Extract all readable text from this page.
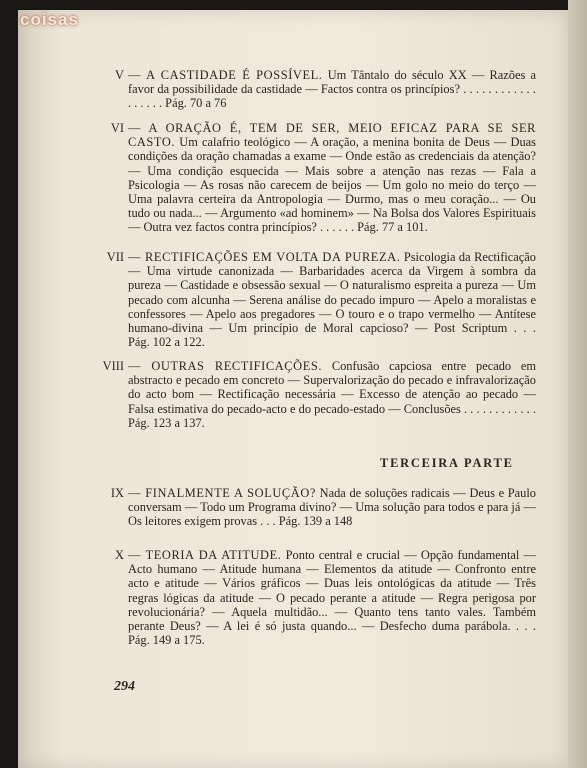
coisas
V — A CASTIDADE É POSSÍVEL. Um Tântalo do século XX — Razões a favor da possibilidade da castidade — Factos contra os princípios? . . . . . . . . . . . . . . . . . . Pág. 70 a 76
VI — A ORAÇÃO É, TEM DE SER, MEIO EFICAZ PARA SE SER CASTO. Um calafrio teológico — A oração, a menina bonita de Deus — Duas condições da oração chamadas a exame — Onde estão as credenciais da atenção? — Uma condição esquecida — Mais sobre a atenção nas rezas — Fala a Psicologia — As rosas não carecem de beijos — Um golo no meio do terço — Uma palavra certeira da Antropologia — Durmo, mas o meu coração... — Ou tudo ou nada... — Argumento «ad hominem» — Na Bolsa dos Valores Espirituais — Outra vez factos contra princípios? . . . . . . Pág. 77 a 101.
VII — RECTIFICAÇÕES EM VOLTA DA PUREZA. Psicologia da Rectificação — Uma virtude canonizada — Barbaridades acerca da Virgem à sombra da pureza — Castidade e obsessão sexual — O naturalismo espreita a pureza — Um pecado com alcunha — Serena análise do pecado impuro — Apelo a moralistas e confessores — Apelo aos pregadores — O touro e o trapo vermelho — Antítese humano-divina — Um princípio de Moral capcioso? — Post Scriptum . . . Pág. 102 a 122.
VIII — OUTRAS RECTIFICAÇÕES. Confusão capciosa entre pecado em abstracto e pecado em concreto — Supervalorização do pecado e infravalorização do acto bom — Rectificação necessária — Excesso de atenção ao pecado — Falsa estimativa do pecado-acto e do pecado-estado — Conclusões . . . . . . . . . . . . Pág. 123 a 137.
TERCEIRA PARTE
IX — FINALMENTE A SOLUÇÃO? Nada de soluções radicais — Deus e Paulo conversam — Todo um Programa divino? — Uma solução para todos e para já — Os leitores exigem provas . . . Pág. 139 a 148
X — TEORIA DA ATITUDE. Ponto central e crucial — Opção fundamental — Acto humano — Atitude humana — Elementos da atitude — Confronto entre acto e atitude — Vários gráficos — Duas leis ontológicas da atitude — Três regras lógicas da atitude — O pecado perante a atitude — Regra perigosa por revolucionária? — Aquela multidão... — Quanto tens tanto vales. Também perante Deus? — A lei é só justa quando... — Desfecho duma parábola. . . . Pág. 149 a 175.
294
